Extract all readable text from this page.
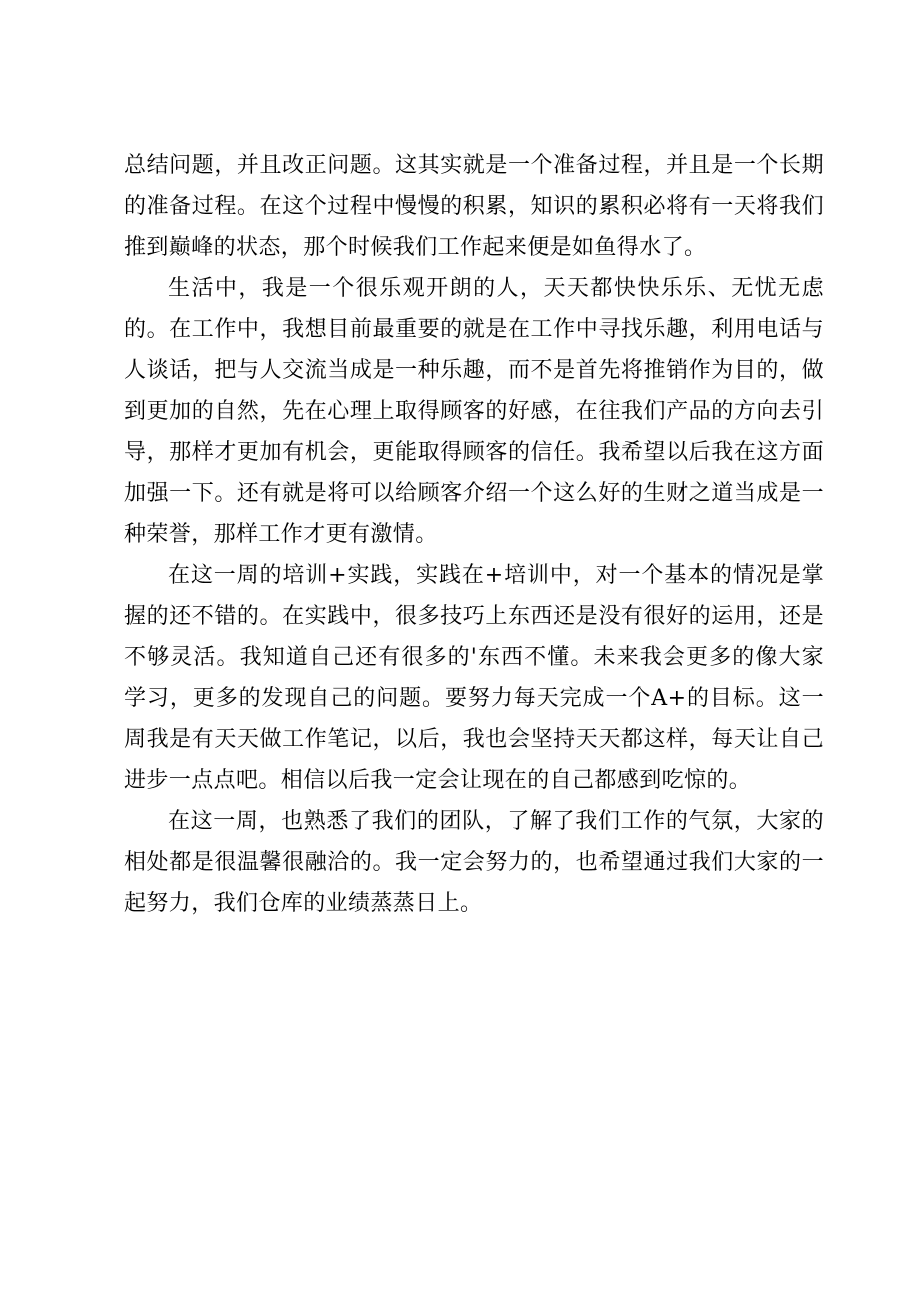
总结问题，并且改正问题。这其实就是一个准备过程，并且是一个长期的准备过程。在这个过程中慢慢的积累，知识的累积必将有一天将我们推到巅峰的状态，那个时候我们工作起来便是如鱼得水了。

生活中，我是一个很乐观开朗的人，天天都快快乐乐、无忧无虑的。在工作中，我想目前最重要的就是在工作中寻找乐趣，利用电话与人谈话，把与人交流当成是一种乐趣，而不是首先将推销作为目的，做到更加的自然，先在心理上取得顾客的好感，在往我们产品的方向去引导，那样才更加有机会，更能取得顾客的信任。我希望以后我在这方面加强一下。还有就是将可以给顾客介绍一个这么好的生财之道当成是一种荣誉，那样工作才更有激情。

在这一周的培训+实践，实践在+培训中，对一个基本的情况是掌握的还不错的。在实践中，很多技巧上东西还是没有很好的运用，还是不够灵活。我知道自己还有很多的'东西不懂。未来我会更多的像大家学习，更多的发现自己的问题。要努力每天完成一个A+的目标。这一周我是有天天做工作笔记，以后，我也会坚持天天都这样，每天让自己进步一点点吧。相信以后我一定会让现在的自己都感到吃惊的。

在这一周，也熟悉了我们的团队，了解了我们工作的气氛，大家的相处都是很温馨很融洽的。我一定会努力的，也希望通过我们大家的一起努力，我们仓库的业绩蒸蒸日上。
